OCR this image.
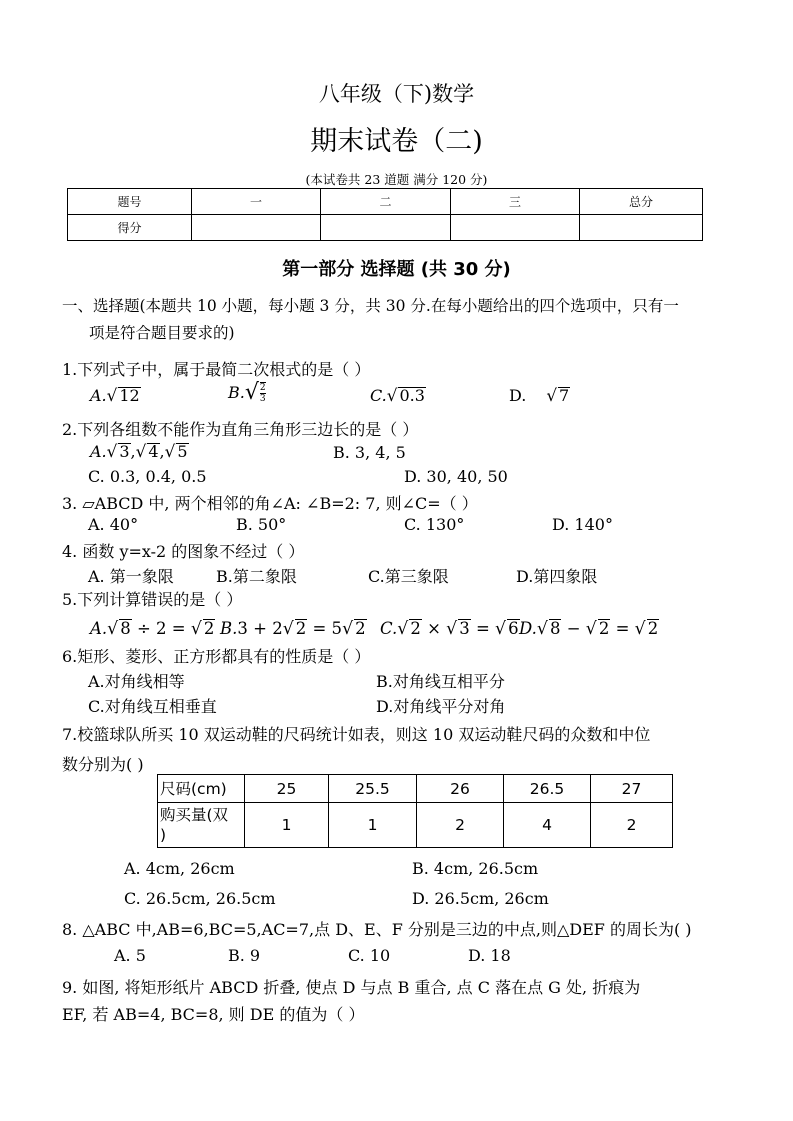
八年级（下)数学
期末试卷（二)
(本试卷共 23 道题 满分 120 分)
题号	一	二	三	总分
得分				
第一部分 选择题 (共 30 分)
一、选择题(本题共 10 小题，每小题 3 分，共 30 分.在每小题给出的四个选项中，只有一
项是符合题目要求的)
1.下列式子中，属于最简二次根式的是（ ）
A.√ 12	$B.√ \frac{2}{3}$	C.√ 0.3	D. √ 7
2.下列各组数不能作为直角三角形三边长的是（ ）
A.√ 3,√ 4,√ 5	B. 3, 4, 5
C. 0.3, 0.4, 0.5	D. 30, 40, 50
3. ▱ABCD 中, 两个相邻的角∠A: ∠B=2: 7, 则∠C=（ ）
A. 40°	B. 50°	C. 130°	D. 140°
4. 函数 y=x-2 的图象不经过（ ）
A. 第一象限	B.第二象限	C.第三象限	D.第四象限
5.下列计算错误的是（ ）
A.√ 8 ÷ 2 = √ 2 B.3 + 2√ 2 = 5√ 2 C.√ 2 × √ 3 = √ 6 D.√ 8 − √ 2 = √ 2
6.矩形、菱形、正方形都具有的性质是（ ）
A.对角线相等	B.对角线互相平分
C.对角线互相垂直	D.对角线平分对角
7.校篮球队所买 10 双运动鞋的尺码统计如表，则这 10 双运动鞋尺码的众数和中位
数分别为( )
尺码(cm)	25	25.5	26	26.5	27

购买量(双
)	1	1	2	4	2
A. 4cm, 26cm	B. 4cm, 26.5cm
C. 26.5cm, 26.5cm	D. 26.5cm, 26cm
8. △ABC 中,AB=6,BC=5,AC=7,点 D、E、F 分别是三边的中点,则△DEF 的周长为( )
A. 5	B. 9	C. 10	D. 18
9. 如图, 将矩形纸片 ABCD 折叠, 使点 D 与点 B 重合, 点 C 落在点 G 处, 折痕为
EF, 若 AB=4, BC=8, 则 DE 的值为（ ）
